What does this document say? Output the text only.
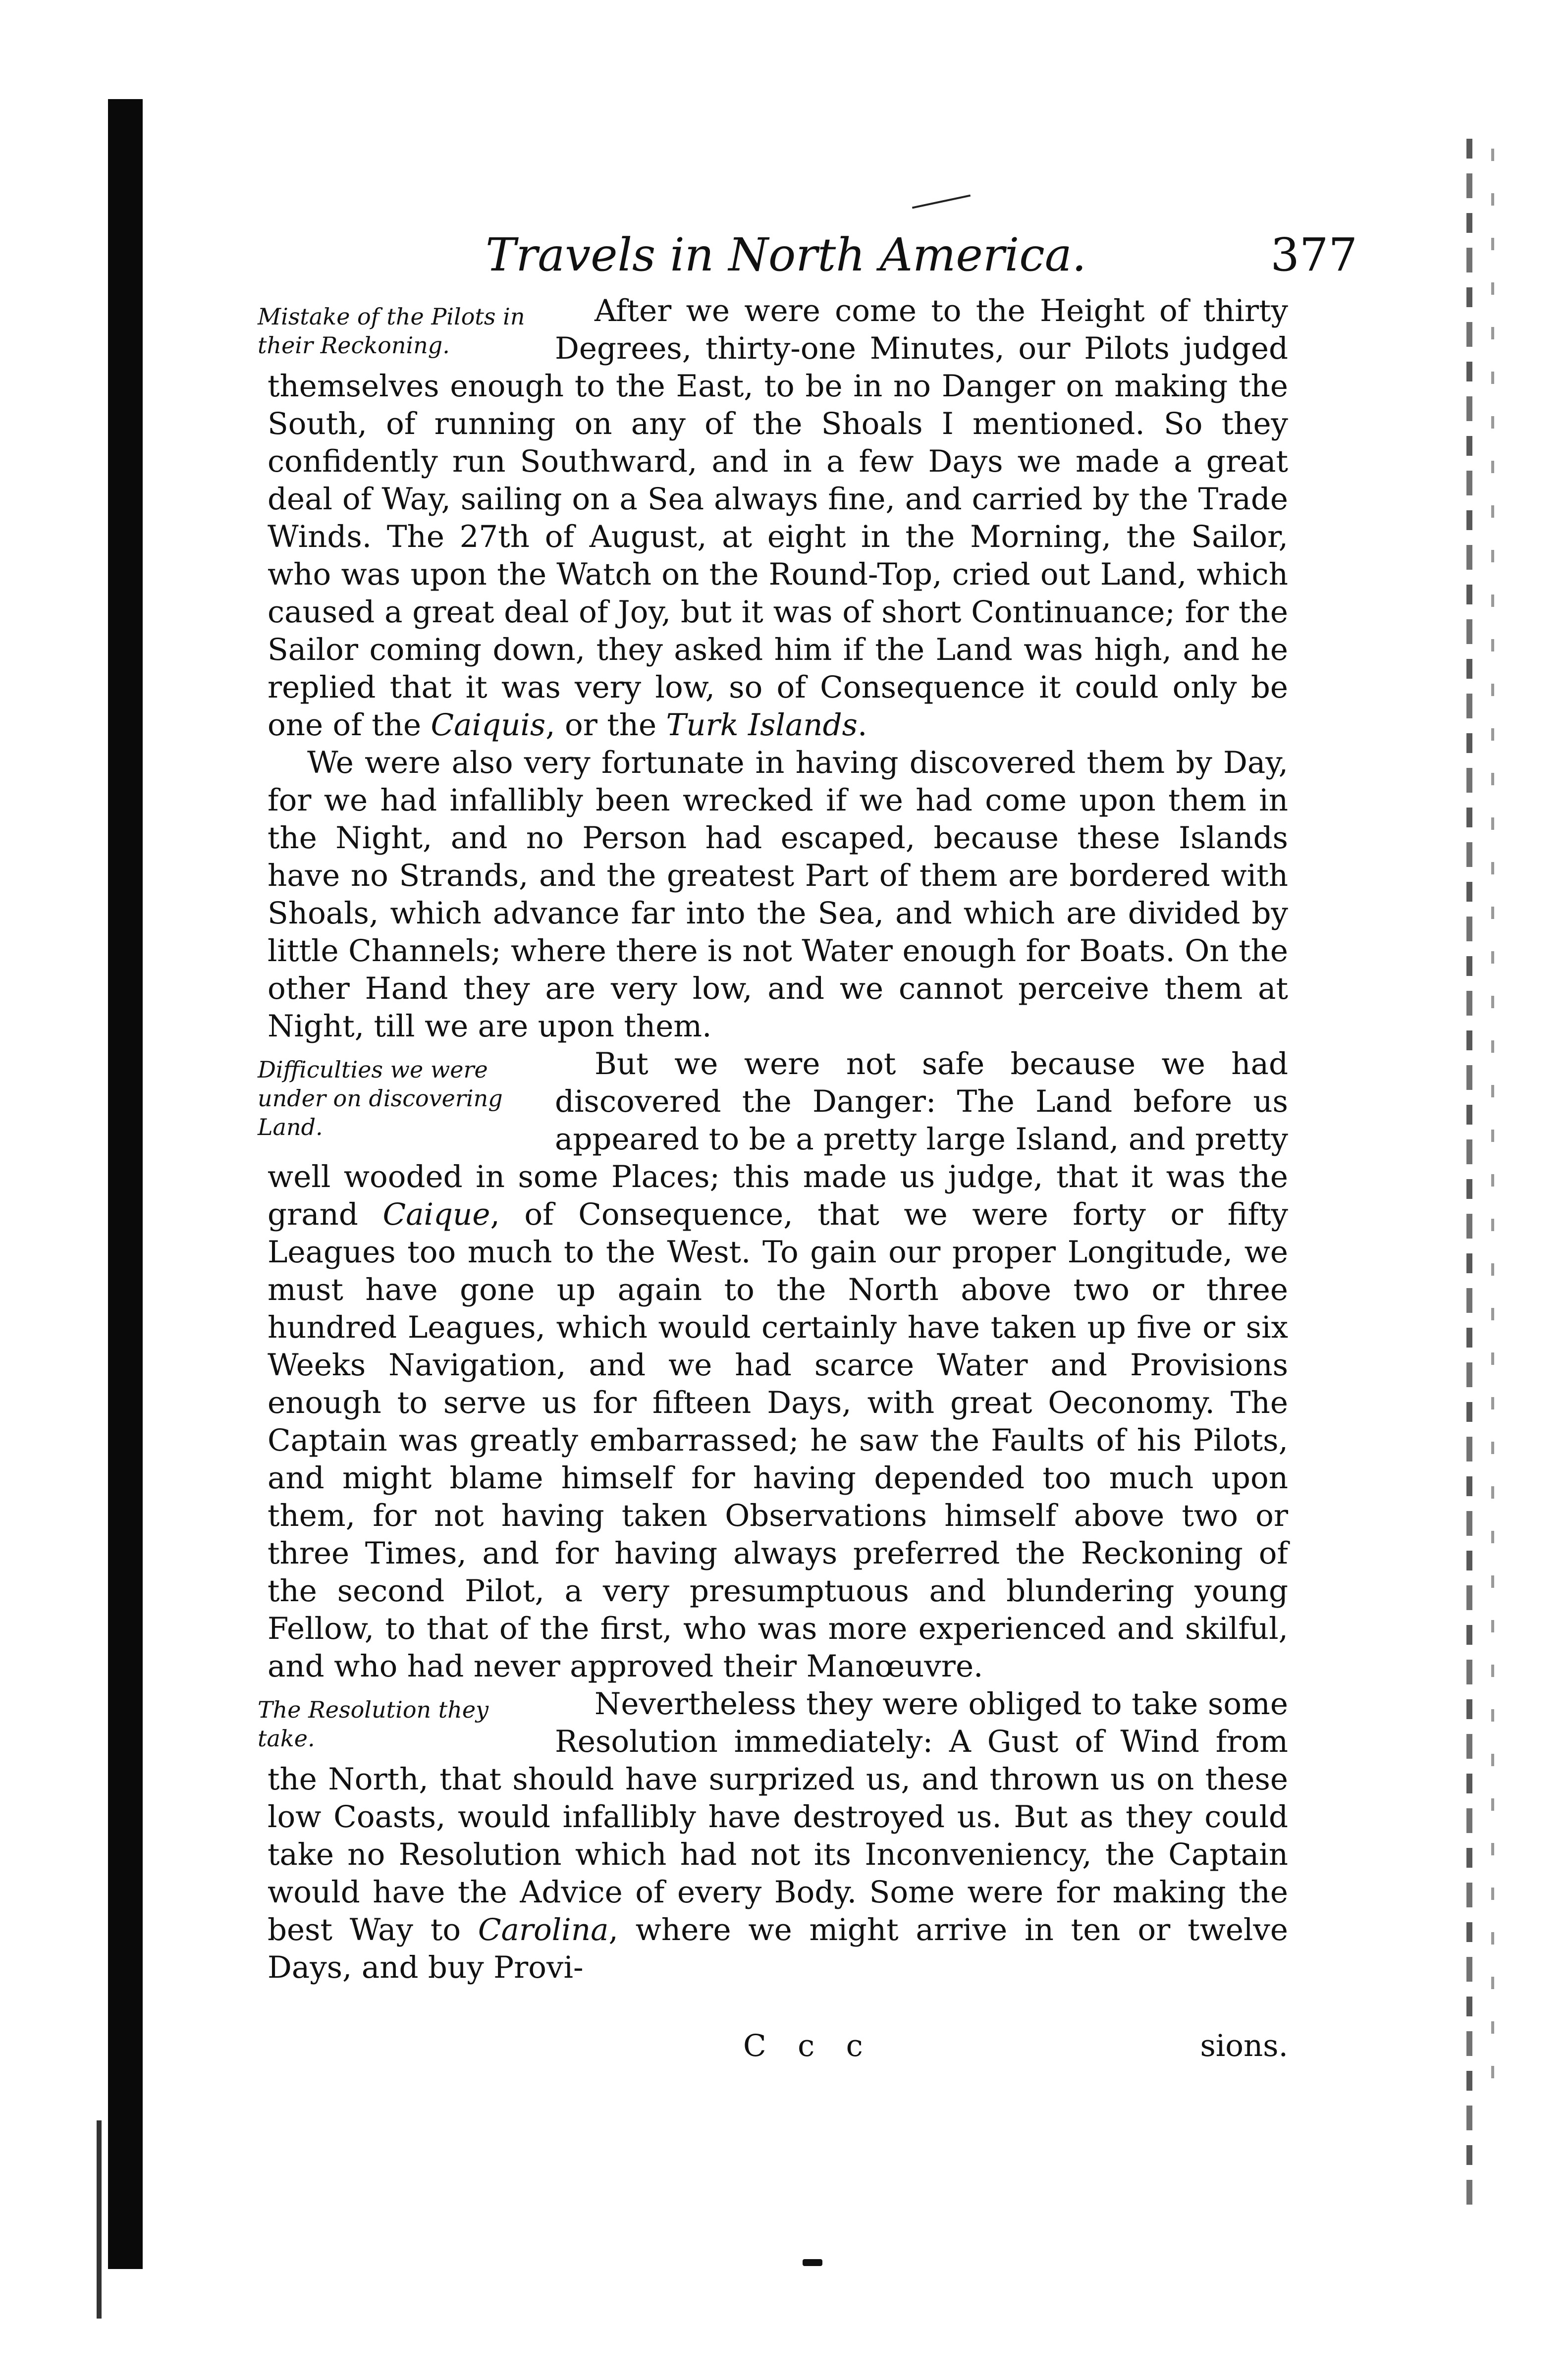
Travels in North America.	377

Mistake of the Pilots in their Reckoning.
After we were come to the Height of thirty Degrees, thirty-one Minutes, our Pilots judged themselves enough to the East, to be in no Danger on making the South, of running on any of the Shoals I mentioned. So they confidently run Southward, and in a few Days we made a great deal of Way, sailing on a Sea always fine, and carried by the Trade Winds. The 27th of August, at eight in the Morning, the Sailor, who was upon the Watch on the Round-Top, cried out Land, which caused a great deal of Joy, but it was of short Continuance; for the Sailor coming down, they asked him if the Land was high, and he replied that it was very low, so of Consequence it could only be one of the Caiquis, or the Turk Islands.

We were also very fortunate in having discovered them by Day, for we had infallibly been wrecked if we had come upon them in the Night, and no Person had escaped, because these Islands have no Strands, and the greatest Part of them are bordered with Shoals, which advance far into the Sea, and which are divided by little Channels; where there is not Water enough for Boats. On the other Hand they are very low, and we cannot perceive them at Night, till we are upon them.

Difficulties we were under on discovering Land.
But we were not safe because we had discovered the Danger: The Land before us appeared to be a pretty large Island, and pretty well wooded in some Places; this made us judge, that it was the grand Caique, of Consequence, that we were forty or fifty Leagues too much to the West. To gain our proper Longitude, we must have gone up again to the North above two or three hundred Leagues, which would certainly have taken up five or six Weeks Navigation, and we had scarce Water and Provisions enough to serve us for fifteen Days, with great Oeconomy. The Captain was greatly embarrassed; he saw the Faults of his Pilots, and might blame himself for having depended too much upon them, for not having taken Observations himself above two or three Times, and for having always preferred the Reckoning of the second Pilot, a very presumptuous and blundering young Fellow, to that of the first, who was more experienced and skilful, and who had never approved their Manœuvre.

The Resolution they take.
Nevertheless they were obliged to take some Resolution immediately: A Gust of Wind from the North, that should have surprized us, and thrown us on these low Coasts, would infallibly have destroyed us. But as they could take no Resolution which had not its Inconveniency, the Captain would have the Advice of every Body. Some were for making the best Way to Carolina, where we might arrive in ten or twelve Days, and buy Provi-

C c c	sions.
